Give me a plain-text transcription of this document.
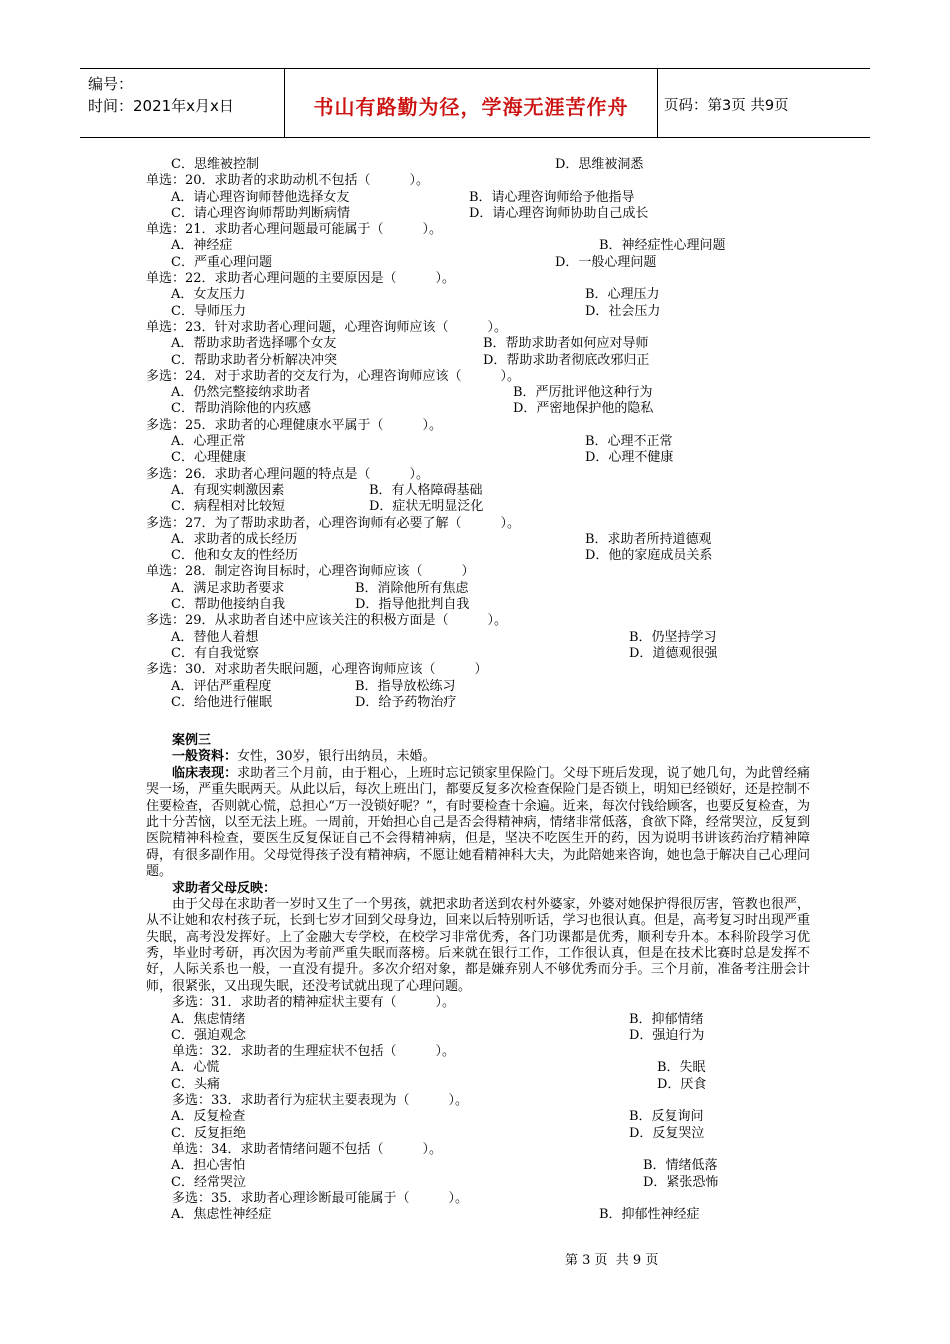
编号：
时间：2021年x月x日	书山有路勤为径，学海无涯苦作舟	页码：第3页 共9页
C．思维被控制	D．思维被洞悉
单选：20．求助者的求助动机不包括（　　　）。
A．请心理咨询师替他选择女友	B．请心理咨询师给予他指导
C．请心理咨询师帮助判断病情	D．请心理咨询师协助自己成长
单选：21．求助者心理问题最可能属于（　　　）。
A．神经症	B．神经症性心理问题
C．严重心理问题	D．一般心理问题
单选：22．求助者心理问题的主要原因是（　　　）。
A．女友压力	B．心理压力
C．导师压力	D．社会压力
单选：23．针对求助者心理问题，心理咨询师应该（　　　）。
A．帮助求助者选择哪个女友	B．帮助求助者如何应对导师
C．帮助求助者分析解决冲突	D．帮助求助者彻底改邪归正
多选：24．对于求助者的交友行为，心理咨询师应该（　　　）。
A．仍然完整接纳求助者	B．严厉批评他这种行为
C．帮助消除他的内疚感	D．严密地保护他的隐私
多选：25．求助者的心理健康水平属于（　　　）。
A．心理正常	B．心理不正常
C．心理健康	D．心理不健康
多选：26．求助者心理问题的特点是（　　　）。
A．有现实刺激因素	B．有人格障碍基础
C．病程相对比较短	D．症状无明显泛化
多选：27．为了帮助求助者，心理咨询师有必要了解（　　　）。
A．求助者的成长经历	B．求助者所持道德观
C．他和女友的性经历	D．他的家庭成员关系
单选：28．制定咨询目标时，心理咨询师应该（　　　）
A．满足求助者要求	B．消除他所有焦虑
C．帮助他接纳自我	D．指导他批判自我
多选：29．从求助者自述中应该关注的积极方面是（　　　）。
A．替他人着想	B．仍坚持学习
C．有自我觉察	D．道德观很强
多选：30．对求助者失眠问题，心理咨询师应该（　　　）
A．评估严重程度	B．指导放松练习
C．给他进行催眠	D．给予药物治疗
案例三
一般资料：女性，30岁，银行出纳员，未婚。
临床表现：求助者三个月前，由于粗心，上班时忘记锁家里保险门。父母下班后发现，说了她几句，为此曾经痛哭一场，严重失眠两天。从此以后，每次上班出门，都要反复多次检查保险门是否锁上，明知已经锁好，还是控制不住要检查，否则就心慌，总担心“万一没锁好呢？”，有时要检查十余遍。近来，每次付钱给顾客，也要反复检查，为此十分苦恼，以至无法上班。一周前，开始担心自己是否会得精神病，情绪非常低落，食欲下降，经常哭泣，反复到医院精神科检查，要医生反复保证自己不会得精神病，但是，坚决不吃医生开的药，因为说明书讲该药治疗精神障碍，有很多副作用。父母觉得孩子没有精神病，不愿让她看精神科大夫，为此陪她来咨询，她也急于解决自己心理问题。
求助者父母反映：
由于父母在求助者一岁时又生了一个男孩，就把求助者送到农村外婆家，外婆对她保护得很厉害，管教也很严，从不让她和农村孩子玩，长到七岁才回到父母身边，回来以后特别听话，学习也很认真。但是，高考复习时出现严重失眠，高考没发挥好。上了金融大专学校，在校学习非常优秀，各门功课都是优秀，顺利专升本。本科阶段学习优秀，毕业时考研，再次因为考前严重失眠而落榜。后来就在银行工作，工作很认真，但是在技术比赛时总是发挥不好，人际关系也一般，一直没有提升。多次介绍对象，都是嫌弃别人不够优秀而分手。三个月前，准备考注册会计师，很紧张，又出现失眠，还没考试就出现了心理问题。
多选：31．求助者的精神症状主要有（　　　）。
A．焦虑情绪	B．抑郁情绪
C．强迫观念	D．强迫行为
单选：32．求助者的生理症状不包括（　　　）。
A．心慌	B．失眠
C．头痛	D．厌食
多选：33．求助者行为症状主要表现为（　　　）。
A．反复检查	B．反复询问
C．反复拒绝	D．反复哭泣
单选：34．求助者情绪问题不包括（　　　）。
A．担心害怕	B．情绪低落
C．经常哭泣	D．紧张恐怖
多选：35．求助者心理诊断最可能属于（　　　）。
A．焦虑性神经症	B．抑郁性神经症
第 3 页  共 9 页
